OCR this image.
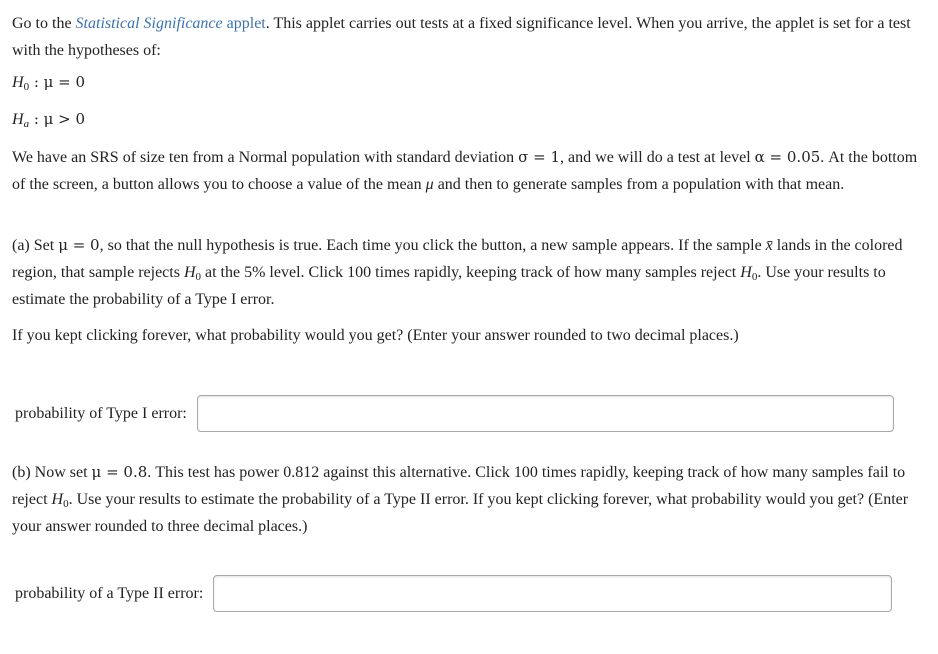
Go to the Statistical Significance applet. This applet carries out tests at a fixed significance level. When you arrive, the applet is set for a test with the hypotheses of:

$H_0$ : μ = 0
$H_a$ : μ > 0

We have an SRS of size ten from a Normal population with standard deviation σ = 1, and we will do a test at level α = 0.05. At the bottom of the screen, a button allows you to choose a value of the mean μ and then to generate samples from a population with that mean.

(a) Set μ = 0, so that the null hypothesis is true. Each time you click the button, a new sample appears. If the sample x̄ lands in the colored region, that sample rejects $H_0$ at the 5% level. Click 100 times rapidly, keeping track of how many samples reject $H_0$. Use your results to estimate the probability of a Type I error.

If you kept clicking forever, what probability would you get? (Enter your answer rounded to two decimal places.)

probability of Type I error:

(b) Now set μ = 0.8. This test has power 0.812 against this alternative. Click 100 times rapidly, keeping track of how many samples fail to reject $H_0$. Use your results to estimate the probability of a Type II error. If you kept clicking forever, what probability would you get? (Enter your answer rounded to three decimal places.)

probability of a Type II error:
